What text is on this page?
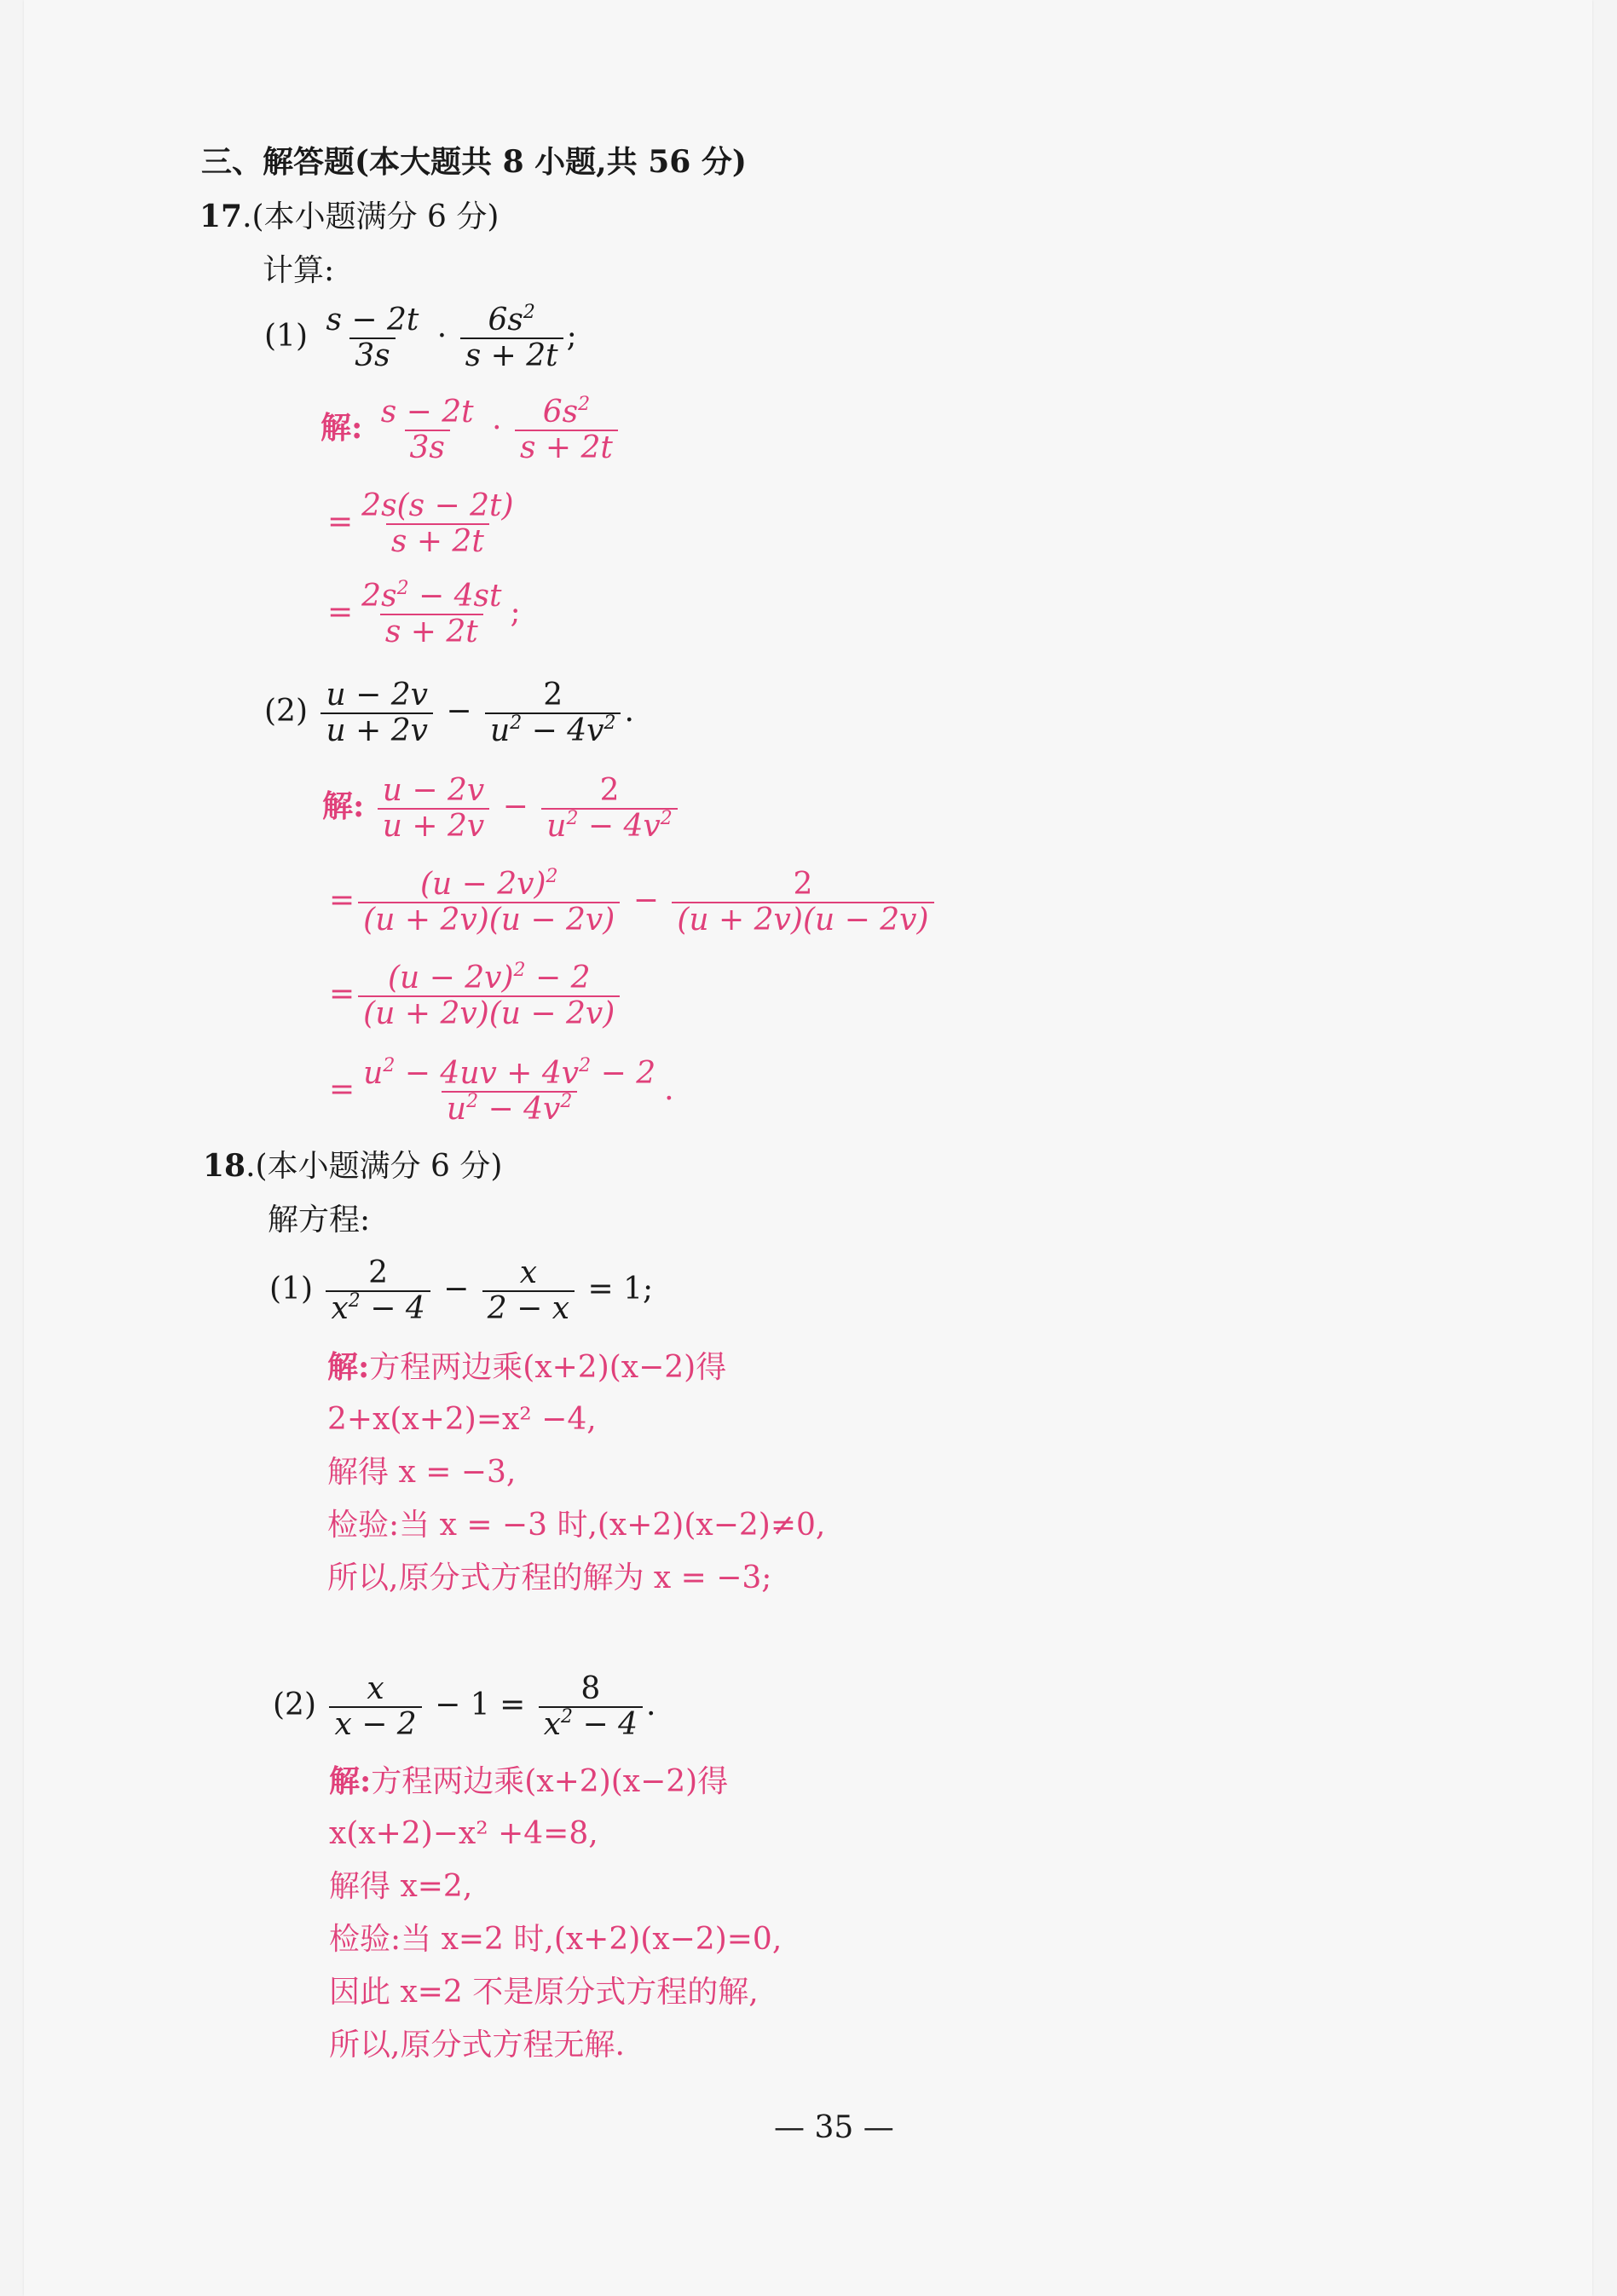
三、解答题(本大题共 8 小题,共 56 分)
17.(本小题满分 6 分)
计算:
$(1) \frac{s - 2t}{3s} \cdot \frac{6s^2}{s + 2t}$ ;
解: $\frac{s - 2t}{3s} \cdot \frac{6s^2}{s + 2t}$
= $\frac{2s(s - 2t)}{s + 2t}$
= $\frac{2s^2 - 4st}{s + 2t}$ ;
$(2) \frac{u - 2v}{u + 2v} - \frac{2}{u^2 - 4v^2}$ .
解: $\frac{u - 2v}{u + 2v} - \frac{2}{u^2 - 4v^2}$
= $\frac{(u - 2v)^2}{(u + 2v)(u - 2v)} - \frac{2}{(u + 2v)(u - 2v)}$
= $\frac{(u - 2v)^2 - 2}{(u + 2v)(u - 2v)}$
= $\frac{u^2 - 4uv + 4v^2 - 2}{u^2 - 4v^2}$ .
18.(本小题满分 6 分)
解方程:
$(1) \frac{2}{x^2 - 4} - \frac{x}{2 - x} = 1$;
解:方程两边乘(x+2)(x−2)得
2+x(x+2)=x² −4,
解得 x = −3,
检验:当 x = −3 时,(x+2)(x−2)≠0,
所以,原分式方程的解为 x = −3;
$(2) \frac{x}{x - 2} - 1 = \frac{8}{x^2 - 4}$ .
解:方程两边乘(x+2)(x−2)得
x(x+2)−x² +4=8,
解得 x=2,
检验:当 x=2 时,(x+2)(x−2)=0,
因此 x=2 不是原分式方程的解,
所以,原分式方程无解.
— 35 —
